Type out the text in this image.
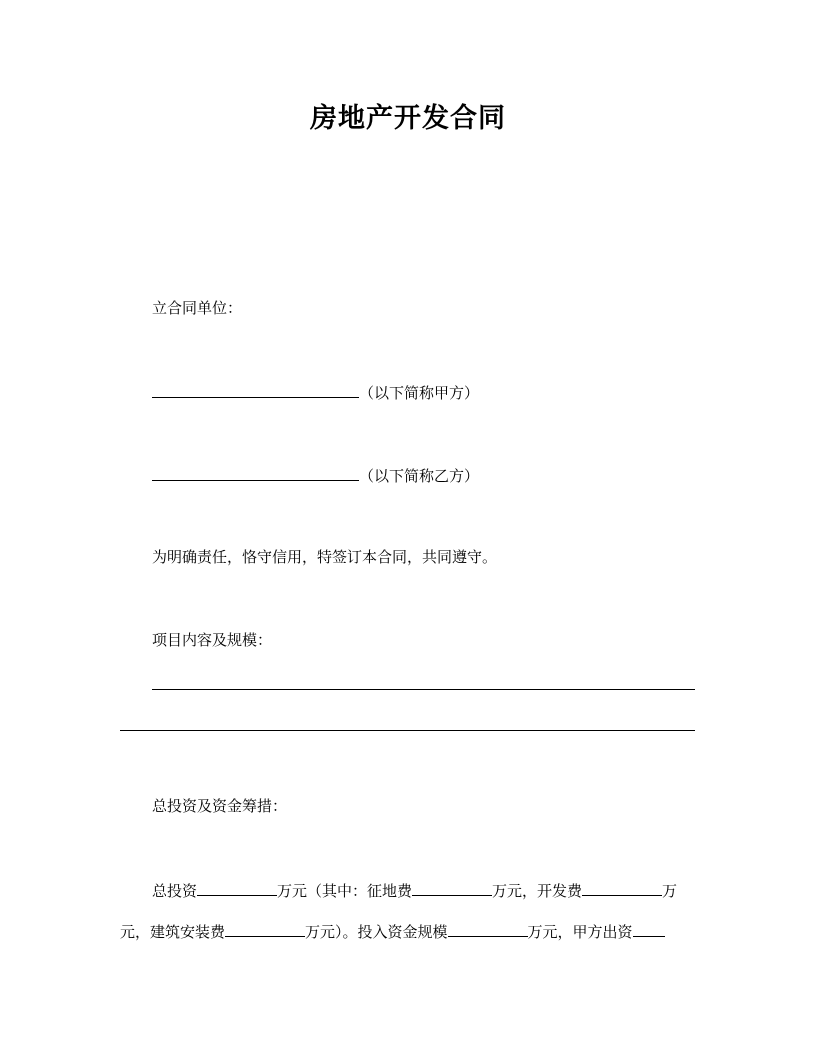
房地产开发合同
立合同单位：
（以下简称甲方）
（以下简称乙方）
为明确责任，恪守信用，特签订本合同，共同遵守。
项目内容及规模：
总投资及资金筹措：
总投资	万元（其中：征地费	万元，开发费	万
元，建筑安装费	万元）。投入资金规模	万元，甲方出资
